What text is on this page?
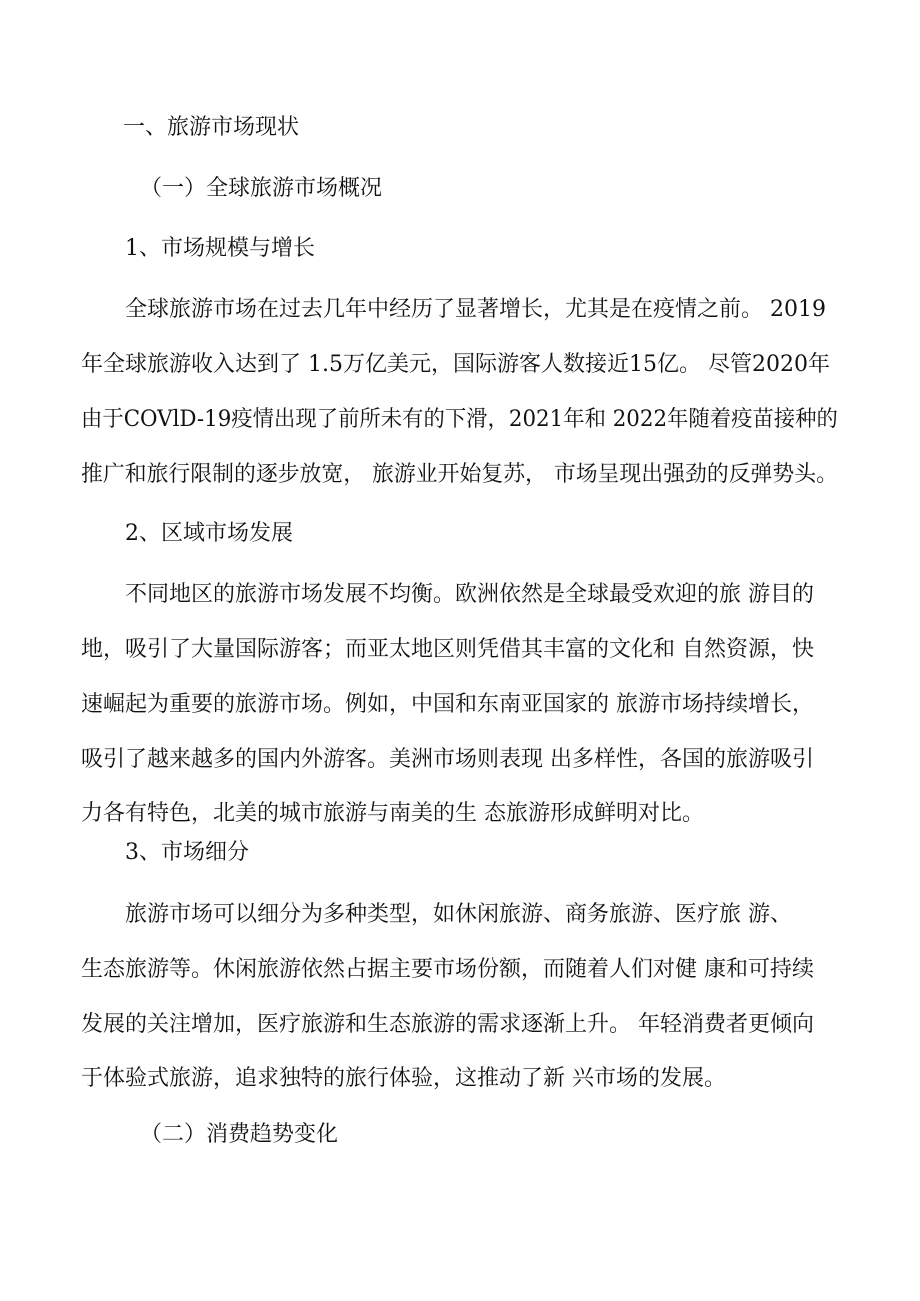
一、旅游市场现状
（一）全球旅游市场概况
1、市场规模与增长
全球旅游市场在过去几年中经历了显著增长，尤其是在疫情之前。 2019
年全球旅游收入达到了 1.5万亿美元，国际游客人数接近15亿。 尽管2020年
由于COVlD-19疫情出现了前所未有的下滑，2021年和 2022年随着疫苗接种的
推广和旅行限制的逐步放宽， 旅游业开始复苏， 市场呈现出强劲的反弹势头。
2、区域市场发展
不同地区的旅游市场发展不均衡。欧洲依然是全球最受欢迎的旅 游目的
地，吸引了大量国际游客；而亚太地区则凭借其丰富的文化和 自然资源，快
速崛起为重要的旅游市场。例如，中国和东南亚国家的 旅游市场持续增长，
吸引了越来越多的国内外游客。美洲市场则表现 出多样性，各国的旅游吸引
力各有特色，北美的城市旅游与南美的生 态旅游形成鲜明对比。
3、市场细分
旅游市场可以细分为多种类型，如休闲旅游、商务旅游、医疗旅 游、
生态旅游等。休闲旅游依然占据主要市场份额，而随着人们对健 康和可持续
发展的关注增加，医疗旅游和生态旅游的需求逐渐上升。 年轻消费者更倾向
于体验式旅游，追求独特的旅行体验，这推动了新 兴市场的发展。
（二）消费趋势变化
